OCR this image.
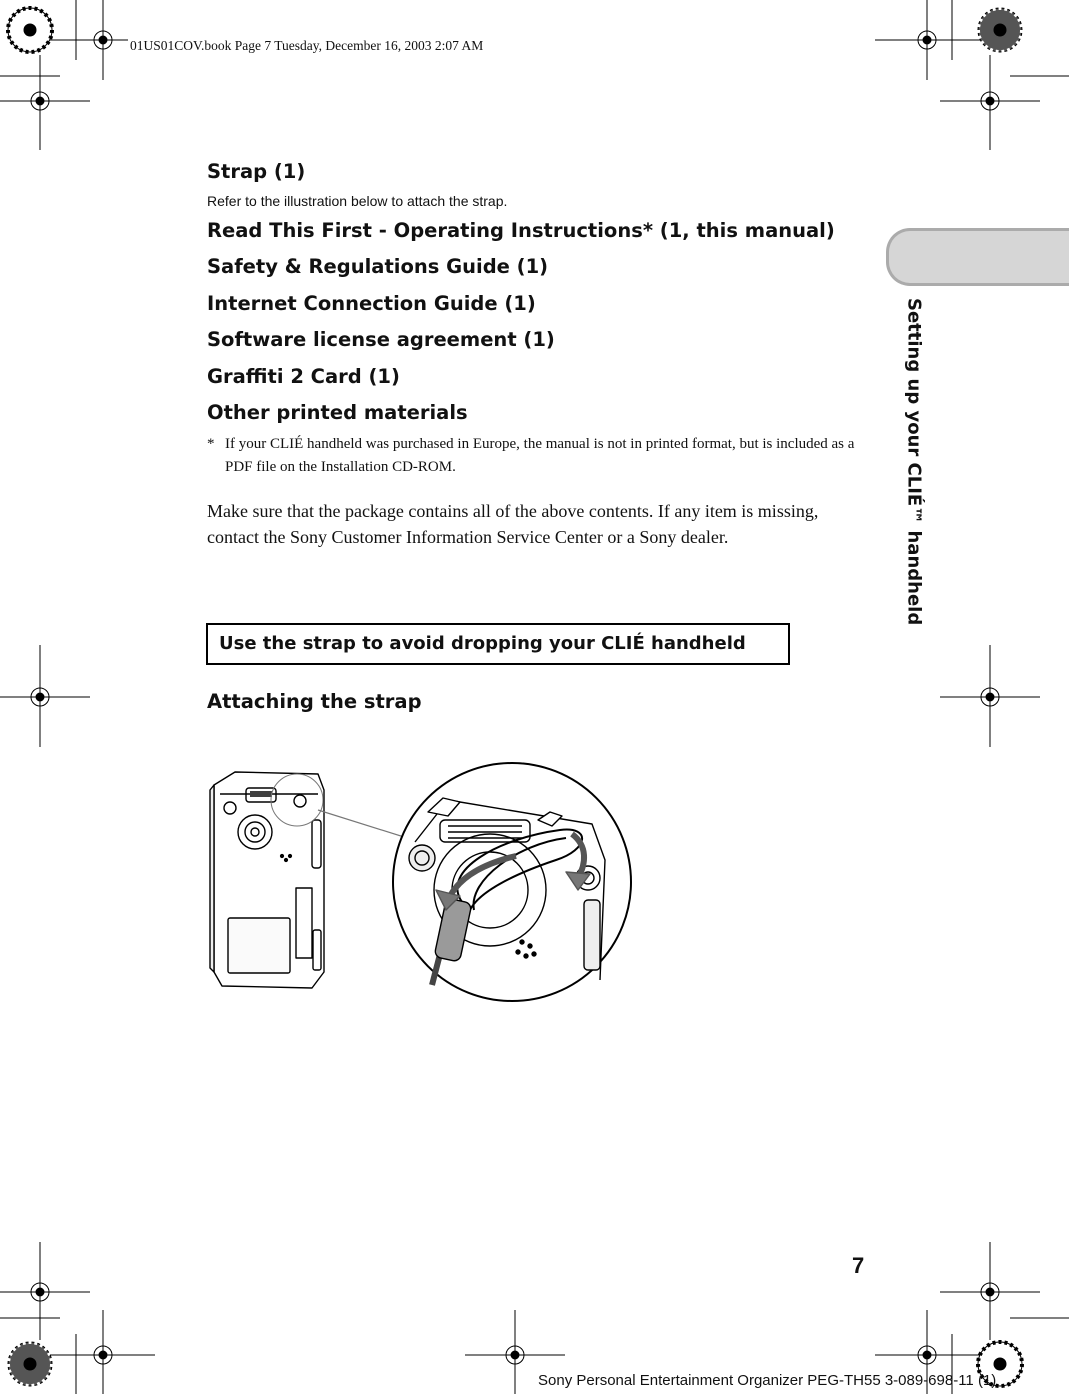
01US01COV.book Page 7 Tuesday, December 16, 2003 2:07 AM
Setting up your CLIÉ™ handheld
Strap (1)
Refer to the illustration below to attach the strap.
Read This First - Operating Instructions* (1, this manual)
Safety & Regulations Guide (1)
Internet Connection Guide (1)
Software license agreement (1)
Graffiti 2 Card (1)
Other printed materials
* If your CLIÉ handheld was purchased in Europe, the manual is not in printed format, but is included as a PDF file on the Installation CD-ROM.
Make sure that the package contains all of the above contents. If any item is missing, contact the Sony Customer Information Service Center or a Sony dealer.
Use the strap to avoid dropping your CLIÉ handheld
Attaching the strap
7
Sony Personal Entertainment Organizer PEG-TH55 3-089-698-11 (1)
